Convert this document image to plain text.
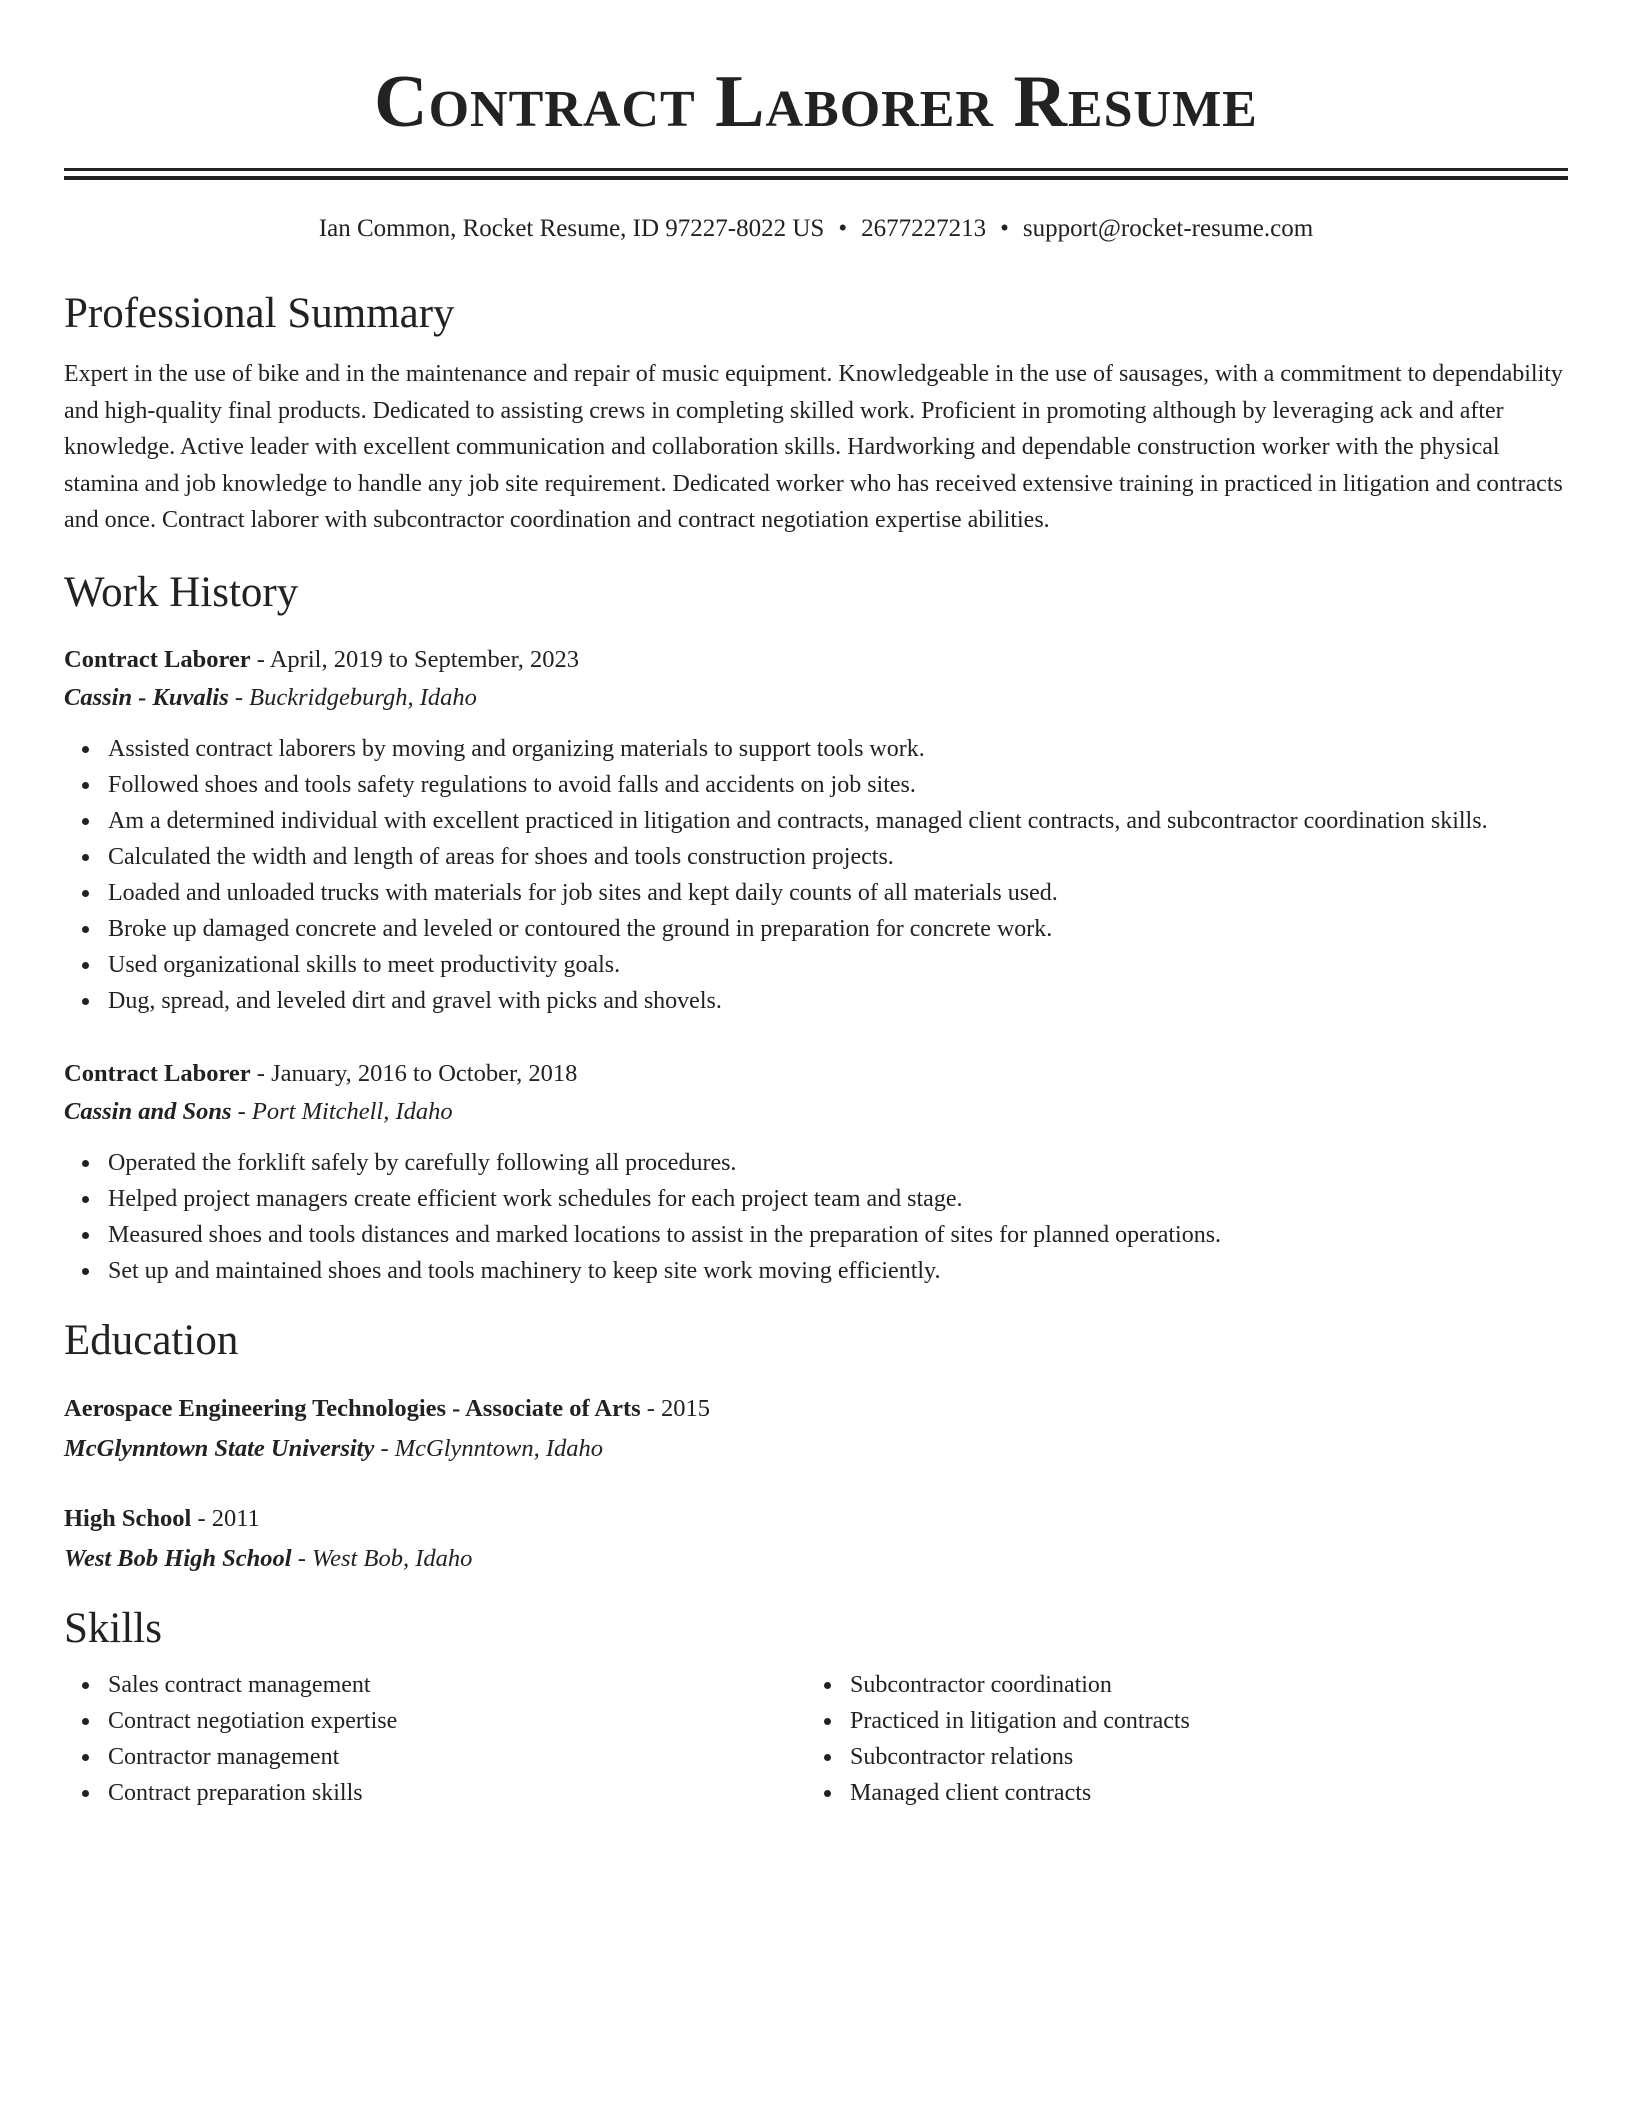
Contract Laborer Resume
Ian Common, Rocket Resume, ID 97227-8022 US • 2677227213 • support@rocket-resume.com
Professional Summary
Expert in the use of bike and in the maintenance and repair of music equipment. Knowledgeable in the use of sausages, with a commitment to dependability and high-quality final products. Dedicated to assisting crews in completing skilled work. Proficient in promoting although by leveraging ack and after knowledge. Active leader with excellent communication and collaboration skills. Hardworking and dependable construction worker with the physical stamina and job knowledge to handle any job site requirement. Dedicated worker who has received extensive training in practiced in litigation and contracts and once. Contract laborer with subcontractor coordination and contract negotiation expertise abilities.
Work History
Contract Laborer - April, 2019 to September, 2023
Cassin - Kuvalis - Buckridgeburgh, Idaho
Assisted contract laborers by moving and organizing materials to support tools work.
Followed shoes and tools safety regulations to avoid falls and accidents on job sites.
Am a determined individual with excellent practiced in litigation and contracts, managed client contracts, and subcontractor coordination skills.
Calculated the width and length of areas for shoes and tools construction projects.
Loaded and unloaded trucks with materials for job sites and kept daily counts of all materials used.
Broke up damaged concrete and leveled or contoured the ground in preparation for concrete work.
Used organizational skills to meet productivity goals.
Dug, spread, and leveled dirt and gravel with picks and shovels.
Contract Laborer - January, 2016 to October, 2018
Cassin and Sons - Port Mitchell, Idaho
Operated the forklift safely by carefully following all procedures.
Helped project managers create efficient work schedules for each project team and stage.
Measured shoes and tools distances and marked locations to assist in the preparation of sites for planned operations.
Set up and maintained shoes and tools machinery to keep site work moving efficiently.
Education
Aerospace Engineering Technologies - Associate of Arts - 2015
McGlynntown State University - McGlynntown, Idaho
High School - 2011
West Bob High School - West Bob, Idaho
Skills
Sales contract management
Contract negotiation expertise
Contractor management
Contract preparation skills
Subcontractor coordination
Practiced in litigation and contracts
Subcontractor relations
Managed client contracts
